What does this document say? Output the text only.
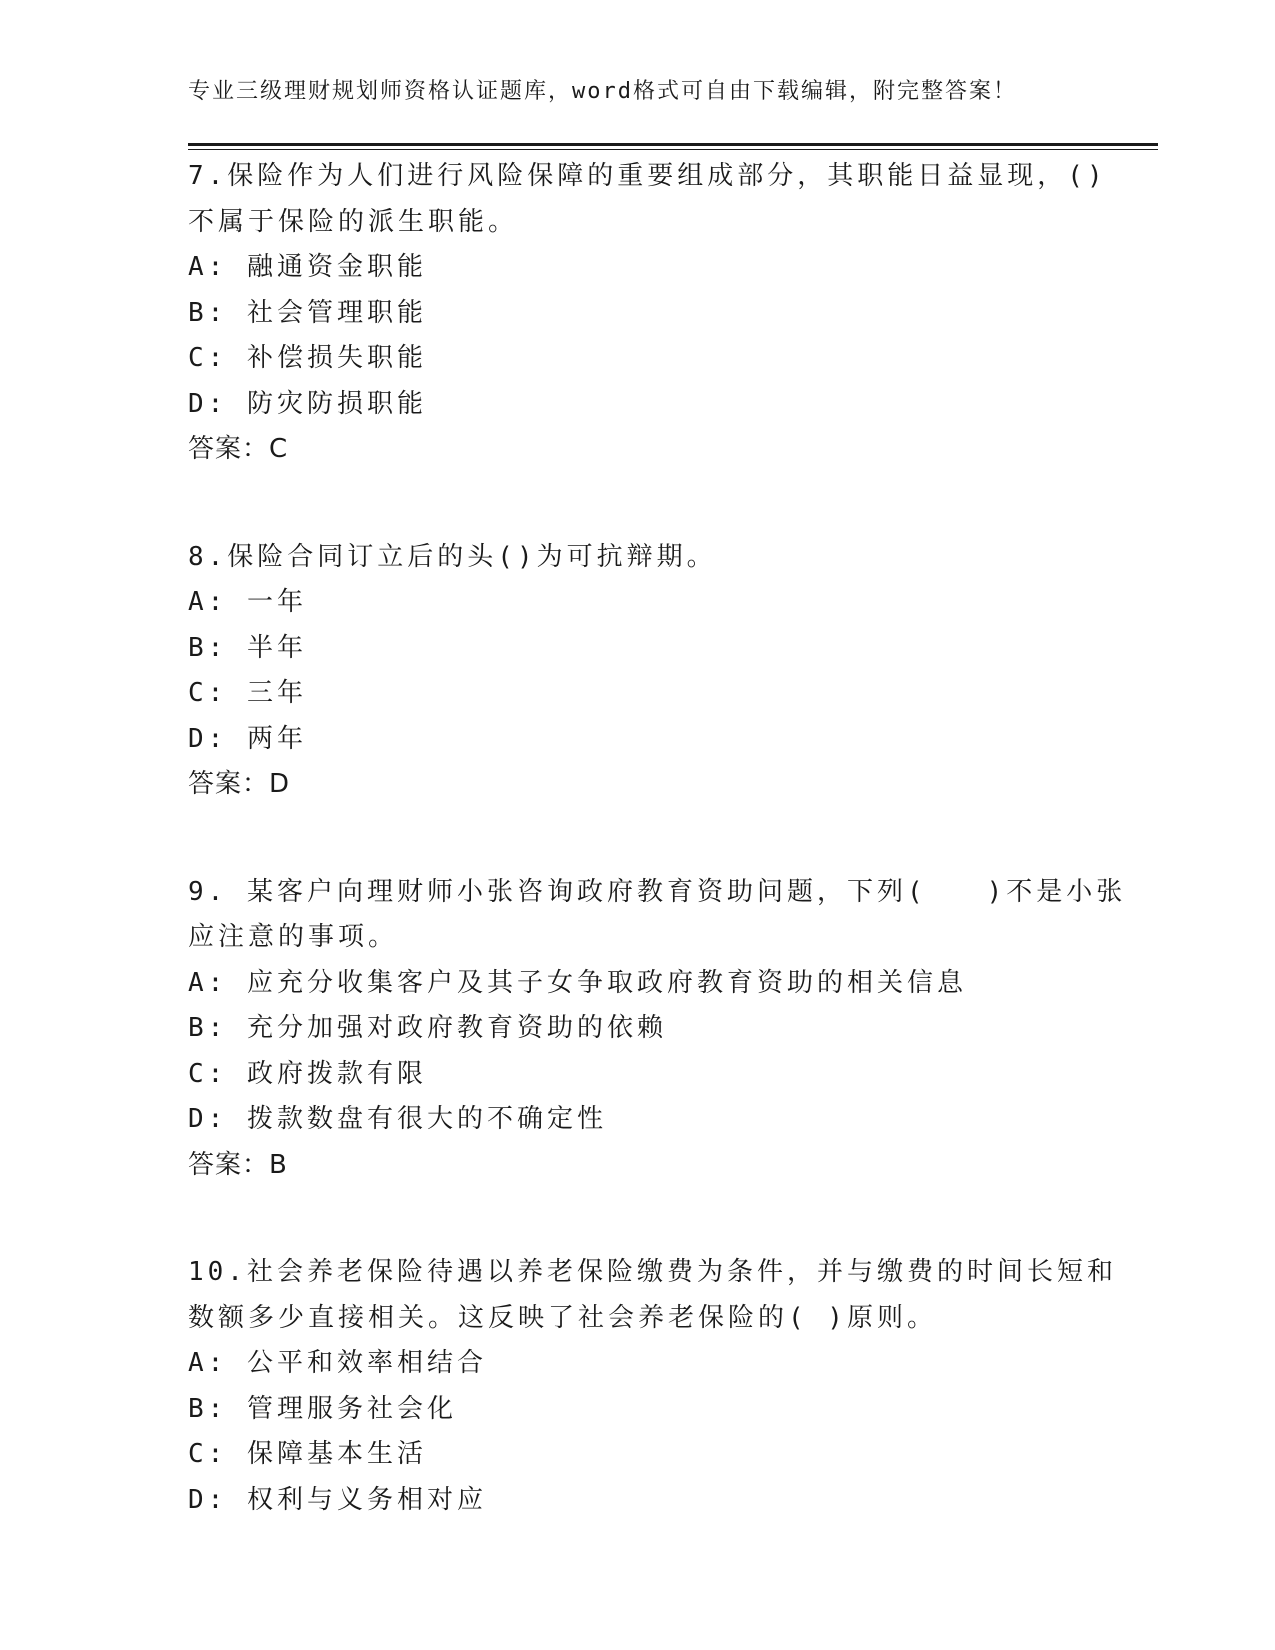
专业三级理财规划师资格认证题库，word格式可自由下载编辑，附完整答案！
7.保险作为人们进行风险保障的重要组成部分，其职能日益显现，()
不属于保险的派生职能。
A: 融通资金职能
B: 社会管理职能
C: 补偿损失职能
D: 防灾防损职能
答案：C
8.保险合同订立后的头()为可抗辩期。
A: 一年
B: 半年
C: 三年
D: 两年
答案：D
9. 某客户向理财师小张咨询政府教育资助问题，下列(　　)不是小张
应注意的事项。
A: 应充分收集客户及其子女争取政府教育资助的相关信息
B: 充分加强对政府教育资助的依赖
C: 政府拨款有限
D: 拨款数盘有很大的不确定性
答案：B
10.社会养老保险待遇以养老保险缴费为条件，并与缴费的时间长短和
数额多少直接相关。这反映了社会养老保险的( )原则。
A: 公平和效率相结合
B: 管理服务社会化
C: 保障基本生活
D: 权利与义务相对应
